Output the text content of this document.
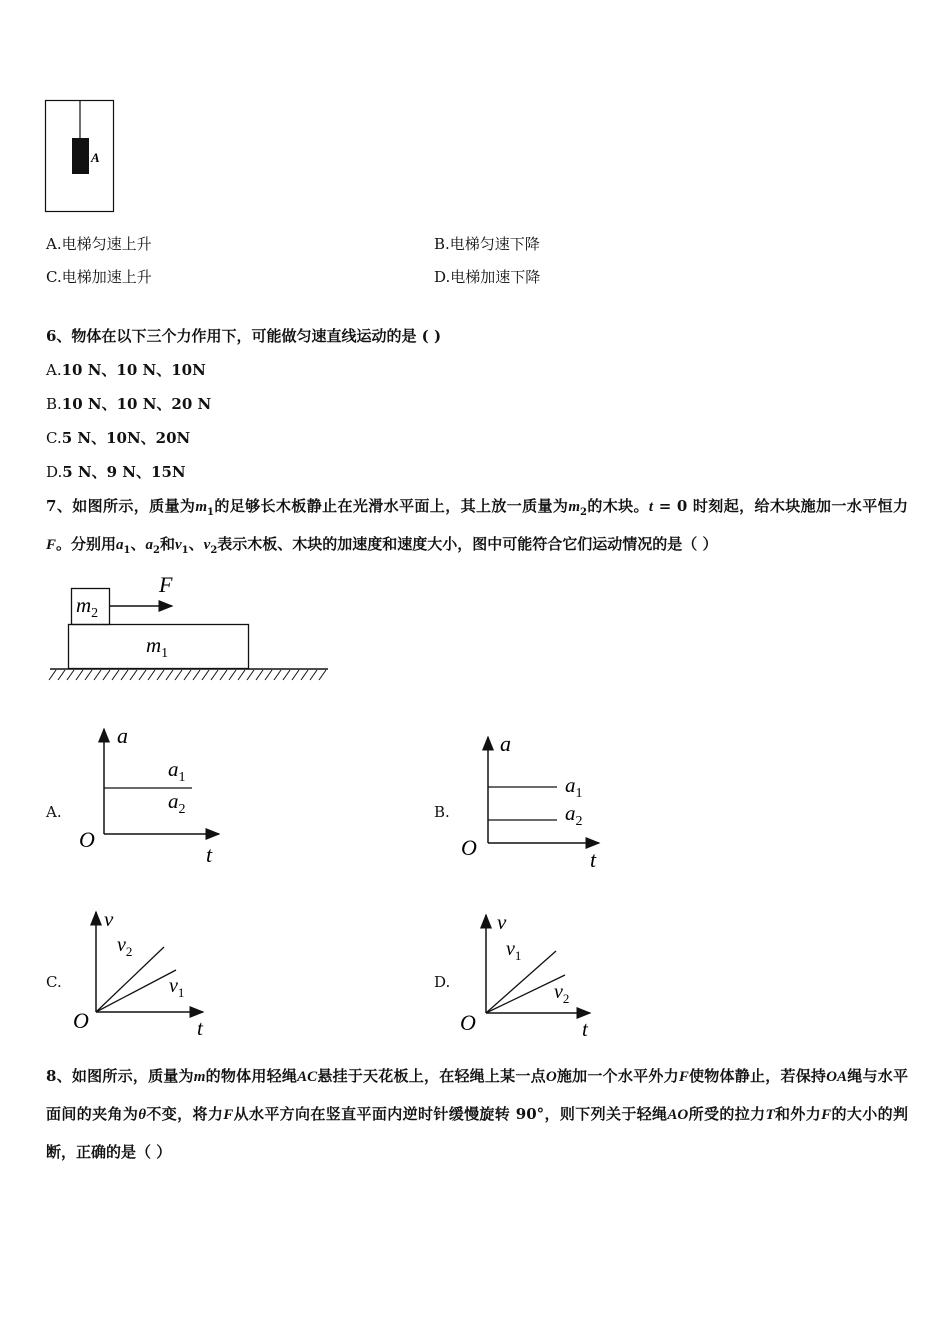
A
A.电梯匀速上升	B.电梯匀速下降
C.电梯加速上升	D.电梯加速下降
6、物体在以下三个力作用下，可能做匀速直线运动的是 ( )
A.10 N、10 N、10N
B.10 N、10 N、20 N
C.5 N、10N、20N
D.5 N、9 N、15N
7、如图所示，质量为$m_1$的足够长木板静止在光滑水平面上，其上放一质量为$m_2$的木块。t = 0 时刻起，给木块施加一水平恒力F。分别用$a_1$、$a_2$和$v_1$、$v_2$表示木板、木块的加速度和速度大小，图中可能符合它们运动情况的是（ ）
$m_2$
F
$m_1$
A.	B.
C.	D.
a
t
O
$a_1$
$a_2$
a
t
O
$a_1$
$a_2$
v
t
O
$v_2$
$v_1$
v
t
O
$v_1$
$v_2$
8、如图所示，质量为m的物体用轻绳AC悬挂于天花板上，在轻绳上某一点O施加一个水平外力F使物体静止，若保持OA绳与水平面间的夹角为θ不变，将力F从水平方向在竖直平面内逆时针缓慢旋转 90°，则下列关于轻绳AO所受的拉力T和外力F的大小的判断，正确的是（ ）
